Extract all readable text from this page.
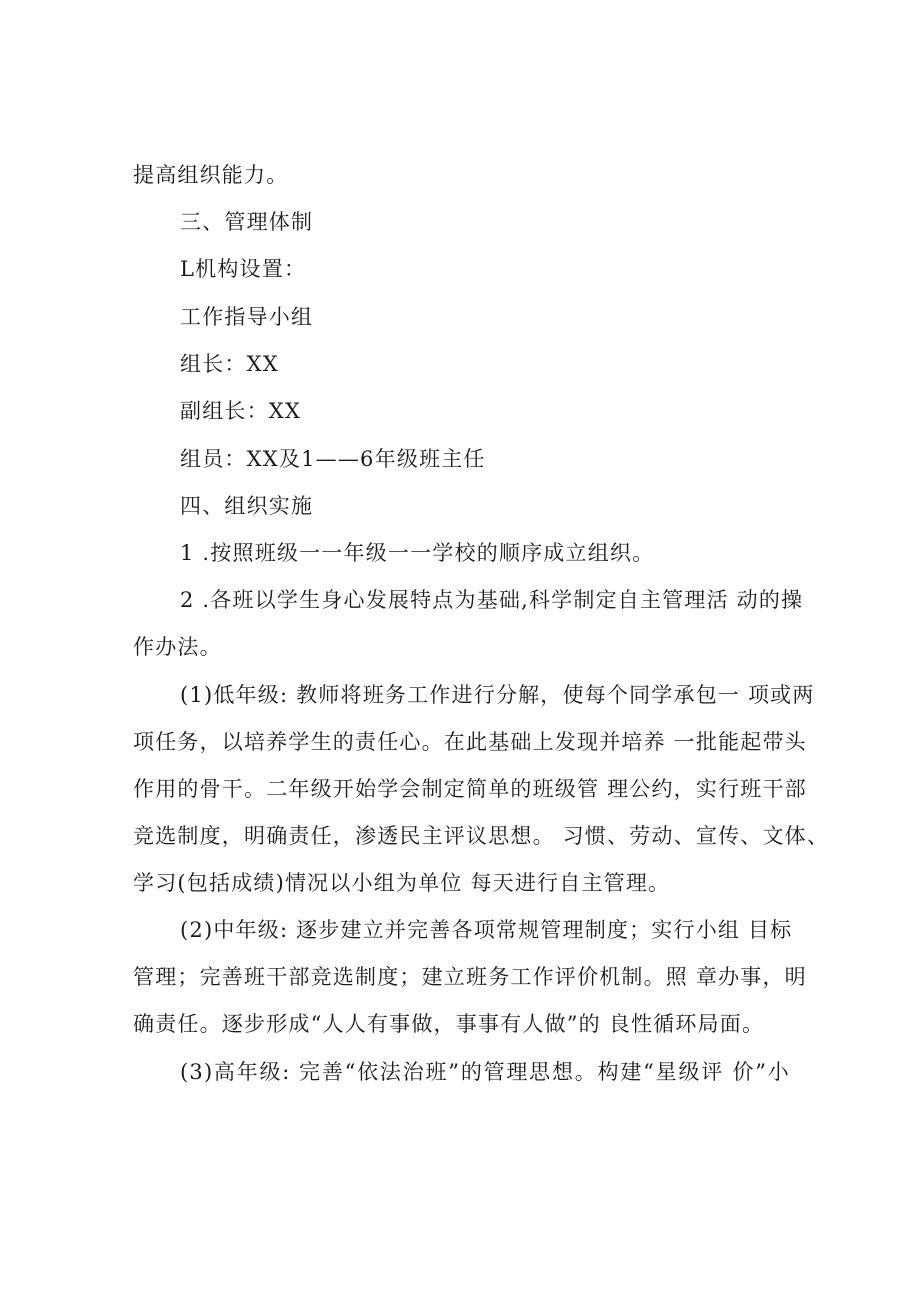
提高组织能力。
三、管理体制
L机构设置：
工作指导小组
组长：XX
副组长：XX
组员：XX及1——6年级班主任
四、组织实施
1 .按照班级一一年级一一学校的顺序成立组织。
2 .各班以学生身心发展特点为基础,科学制定自主管理活 动的操
作办法。
(1)低年级: 教师将班务工作进行分解，使每个同学承包一 项或两
项任务，以培养学生的责任心。在此基础上发现并培养 一批能起带头
作用的骨干。二年级开始学会制定简单的班级管 理公约，实行班干部
竞选制度，明确责任，渗透民主评议思想。 习惯、劳动、宣传、文体、
学习(包括成绩)情况以小组为单位 每天进行自主管理。
(2)中年级: 逐步建立并完善各项常规管理制度；实行小组 目标
管理；完善班干部竞选制度；建立班务工作评价机制。照 章办事，明
确责任。逐步形成“人人有事做，事事有人做”的 良性循环局面。
(3)高年级: 完善“依法治班”的管理思想。构建“星级评 价”小
